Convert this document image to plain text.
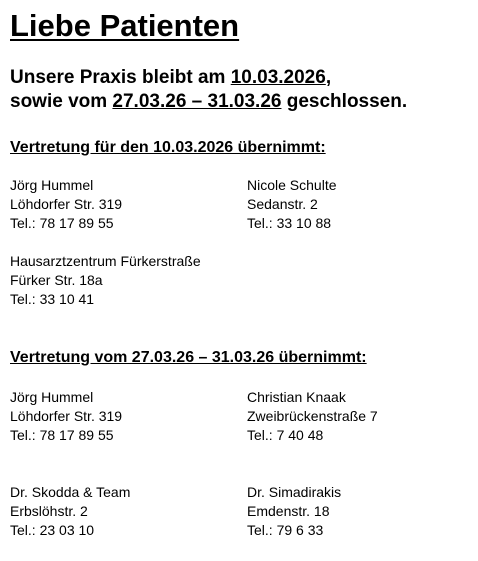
Liebe Patienten
Unsere Praxis bleibt am 10.03.2026,
sowie vom 27.03.26 – 31.03.26 geschlossen.
Vertretung für den 10.03.2026 übernimmt:
Jörg Hummel
Löhdorfer Str. 319
Tel.: 78 17 89 55
Nicole Schulte
Sedanstr. 2
Tel.: 33 10 88
Hausarztzentrum Fürkerstraße
Fürker Str. 18a
Tel.: 33 10 41
Vertretung vom 27.03.26 – 31.03.26 übernimmt:
Jörg Hummel
Löhdorfer Str. 319
Tel.: 78 17 89 55
Christian Knaak
Zweibrückenstraße 7
Tel.: 7 40 48
Dr. Skodda & Team
Erbslöhstr. 2
Tel.: 23 03 10
Dr. Simadirakis
Emdenstr. 18
Tel.: 79 6 33
